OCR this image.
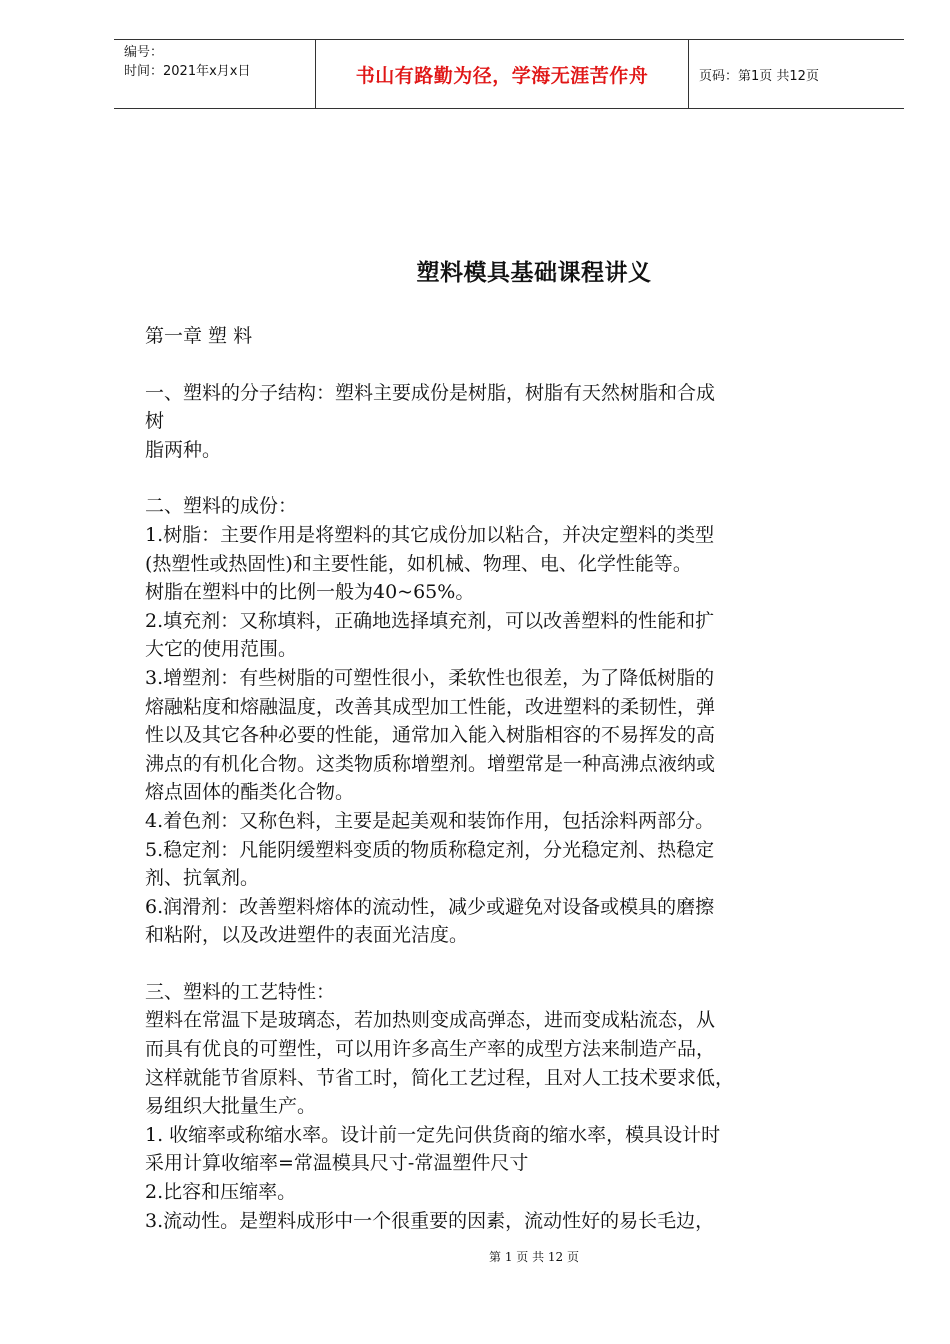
编号：
时间：2021年x月x日	书山有路勤为径，学海无涯苦作舟	页码：第1页 共12页
塑料模具基础课程讲义
第一章 塑 料
一、塑料的分子结构：塑料主要成份是树脂，树脂有天然树脂和合成
树
脂两种。
二、塑料的成份：
1.树脂：主要作用是将塑料的其它成份加以粘合，并决定塑料的类型
(热塑性或热固性)和主要性能，如机械、物理、电、化学性能等。
树脂在塑料中的比例一般为40~65%。
2.填充剂：又称填料，正确地选择填充剂，可以改善塑料的性能和扩
大它的使用范围。
3.增塑剂：有些树脂的可塑性很小，柔软性也很差，为了降低树脂的
熔融粘度和熔融温度，改善其成型加工性能，改进塑料的柔韧性，弹
性以及其它各种必要的性能，通常加入能入树脂相容的不易挥发的高
沸点的有机化合物。这类物质称增塑剂。增塑常是一种高沸点液纳或
熔点固体的酯类化合物。
4.着色剂：又称色料，主要是起美观和装饰作用，包括涂料两部分。
5.稳定剂：凡能阴缓塑料变质的物质称稳定剂，分光稳定剂、热稳定
剂、抗氧剂。
6.润滑剂：改善塑料熔体的流动性，减少或避免对设备或模具的磨擦
和粘附，以及改进塑件的表面光洁度。
三、塑料的工艺特性：
塑料在常温下是玻璃态，若加热则变成高弹态，进而变成粘流态，从
而具有优良的可塑性，可以用许多高生产率的成型方法来制造产品，
这样就能节省原料、节省工时，简化工艺过程，且对人工技术要求低，
易组织大批量生产。
1. 收缩率或称缩水率。设计前一定先问供货商的缩水率，模具设计时
采用计算收缩率=常温模具尺寸-常温塑件尺寸
2.比容和压缩率。
3.流动性。是塑料成形中一个很重要的因素，流动性好的易长毛边，
第 1 页 共 12 页
